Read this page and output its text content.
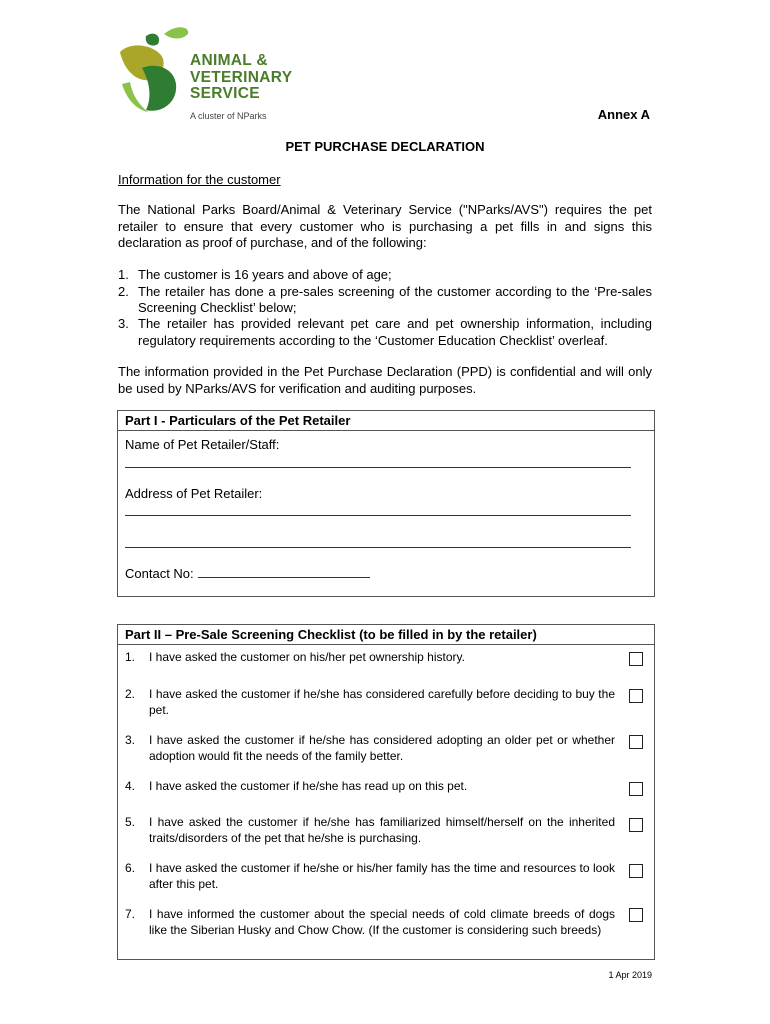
ANIMAL &
VETERINARY
SERVICE
A cluster of NParks	Annex A
PET PURCHASE DECLARATION
Information for the customer
The National Parks Board/Animal & Veterinary Service ("NParks/AVS") requires the pet retailer to ensure that every customer who is purchasing a pet fills in and signs this declaration as proof of purchase, and of the following:
1. The customer is 16 years and above of age;
2. The retailer has done a pre-sales screening of the customer according to the ‘Pre-sales Screening Checklist’ below;
3. The retailer has provided relevant pet care and pet ownership information, including regulatory requirements according to the ‘Customer Education Checklist’ overleaf.
The information provided in the Pet Purchase Declaration (PPD) is confidential and will only be used by NParks/AVS for verification and auditing purposes.
Part I - Particulars of the Pet Retailer
Name of Pet Retailer/Staff:
Address of Pet Retailer:
Contact No:
Part II – Pre-Sale Screening Checklist (to be filled in by the retailer)
1. I have asked the customer on his/her pet ownership history.
2. I have asked the customer if he/she has considered carefully before deciding to buy the pet.
3. I have asked the customer if he/she has considered adopting an older pet or whether adoption would fit the needs of the family better.
4. I have asked the customer if he/she has read up on this pet.
5. I have asked the customer if he/she has familiarized himself/herself on the inherited traits/disorders of the pet that he/she is purchasing.
6. I have asked the customer if he/she or his/her family has the time and resources to look after this pet.
7. I have informed the customer about the special needs of cold climate breeds of dogs like the Siberian Husky and Chow Chow. (If the customer is considering such breeds)
1 Apr 2019
